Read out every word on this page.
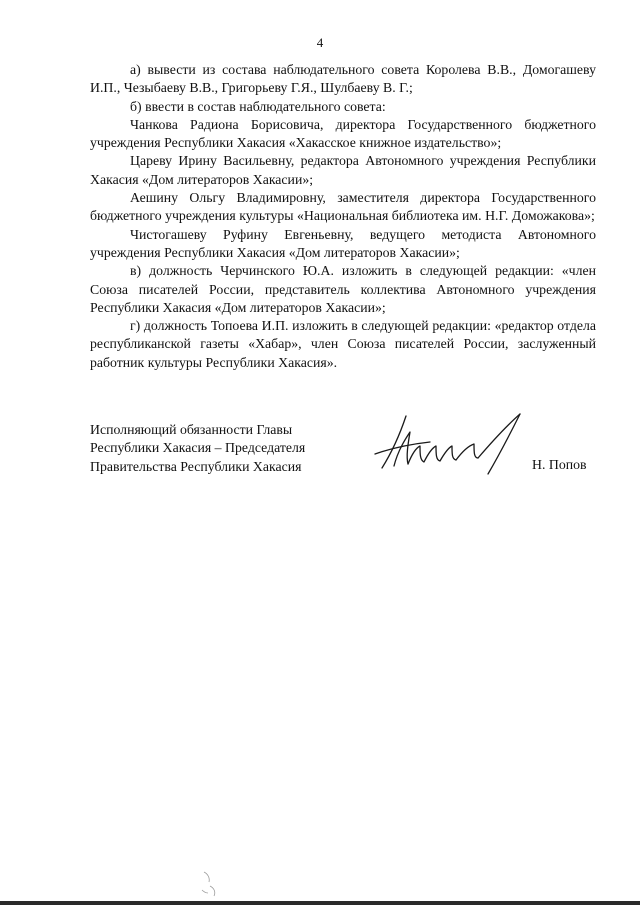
4

а) вывести из состава наблюдательного совета Королева В.В., Домогашеву И.П., Чезыбаеву В.В., Григорьеву Г.Я., Шулбаеву В. Г.;

б) ввести в состав наблюдательного совета:

Чанкова Радиона Борисовича, директора Государственного бюджетного учреждения Республики Хакасия «Хакасское книжное издательство»;

Цареву Ирину Васильевну, редактора Автономного учреждения Республики Хакасия «Дом литераторов Хакасии»;

Аешину Ольгу Владимировну, заместителя директора Государственного бюджетного учреждения культуры «Национальная библиотека им. Н.Г. Доможакова»;

Чистогашеву Руфину Евгеньевну, ведущего методиста Автономного учреждения Республики Хакасия «Дом литераторов Хакасии»;

в) должность Черчинского Ю.А. изложить в следующей редакции: «член Союза писателей России, представитель коллектива Автономного учреждения Республики Хакасия «Дом литераторов Хакасии»;

г) должность Топоева И.П. изложить в следующей редакции: «редактор отдела республиканской газеты «Хабар», член Союза писателей России, заслуженный работник культуры Республики Хакасия».

Исполняющий обязанности Главы
Республики Хакасия – Председателя
Правительства Республики Хакасия	Н. Попов
